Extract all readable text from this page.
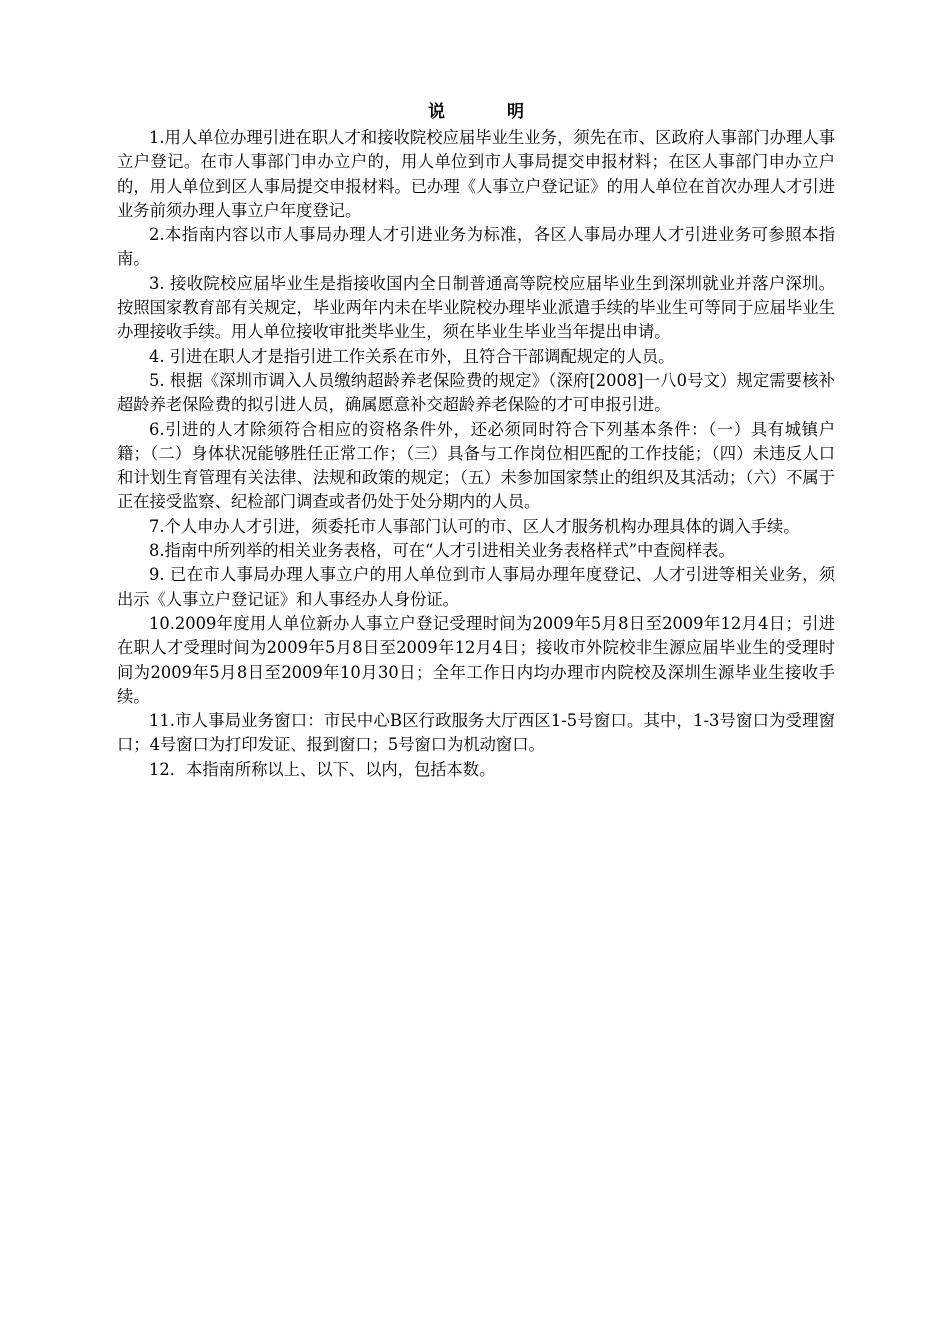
说 明

1.用人单位办理引进在职人才和接收院校应届毕业生业务，须先在市、区政府人事部门办理人事立户登记。在市人事部门申办立户的，用人单位到市人事局提交申报材料；在区人事部门申办立户的，用人单位到区人事局提交申报材料。已办理《人事立户登记证》的用人单位在首次办理人才引进业务前须办理人事立户年度登记。

2.本指南内容以市人事局办理人才引进业务为标准，各区人事局办理人才引进业务可参照本指南。

3. 接收院校应届毕业生是指接收国内全日制普通高等院校应届毕业生到深圳就业并落户深圳。按照国家教育部有关规定，毕业两年内未在毕业院校办理毕业派遣手续的毕业生可等同于应届毕业生办理接收手续。用人单位接收审批类毕业生，须在毕业生毕业当年提出申请。

4. 引进在职人才是指引进工作关系在市外，且符合干部调配规定的人员。

5. 根据《深圳市调入人员缴纳超龄养老保险费的规定》（深府[2008]一八0号文）规定需要核补超龄养老保险费的拟引进人员，确属愿意补交超龄养老保险的才可申报引进。

6.引进的人才除须符合相应的资格条件外，还必须同时符合下列基本条件：（一）具有城镇户籍；（二）身体状况能够胜任正常工作；（三）具备与工作岗位相匹配的工作技能；（四）未违反人口和计划生育管理有关法律、法规和政策的规定；（五）未参加国家禁止的组织及其活动；（六）不属于正在接受监察、纪检部门调查或者仍处于处分期内的人员。

7.个人申办人才引进，须委托市人事部门认可的市、区人才服务机构办理具体的调入手续。

8.指南中所列举的相关业务表格，可在“人才引进相关业务表格样式”中查阅样表。

9. 已在市人事局办理人事立户的用人单位到市人事局办理年度登记、人才引进等相关业务，须出示《人事立户登记证》和人事经办人身份证。

10.2009年度用人单位新办人事立户登记受理时间为2009年5月8日至2009年12月4日；引进在职人才受理时间为2009年5月8日至2009年12月4日；接收市外院校非生源应届毕业生的受理时间为2009年5月8日至2009年10月30日；全年工作日内均办理市内院校及深圳生源毕业生接收手续。

11.市人事局业务窗口：市民中心B区行政服务大厅西区1-5号窗口。其中，1-3号窗口为受理窗口；4号窗口为打印发证、报到窗口；5号窗口为机动窗口。

12．本指南所称以上、以下、以内，包括本数。
